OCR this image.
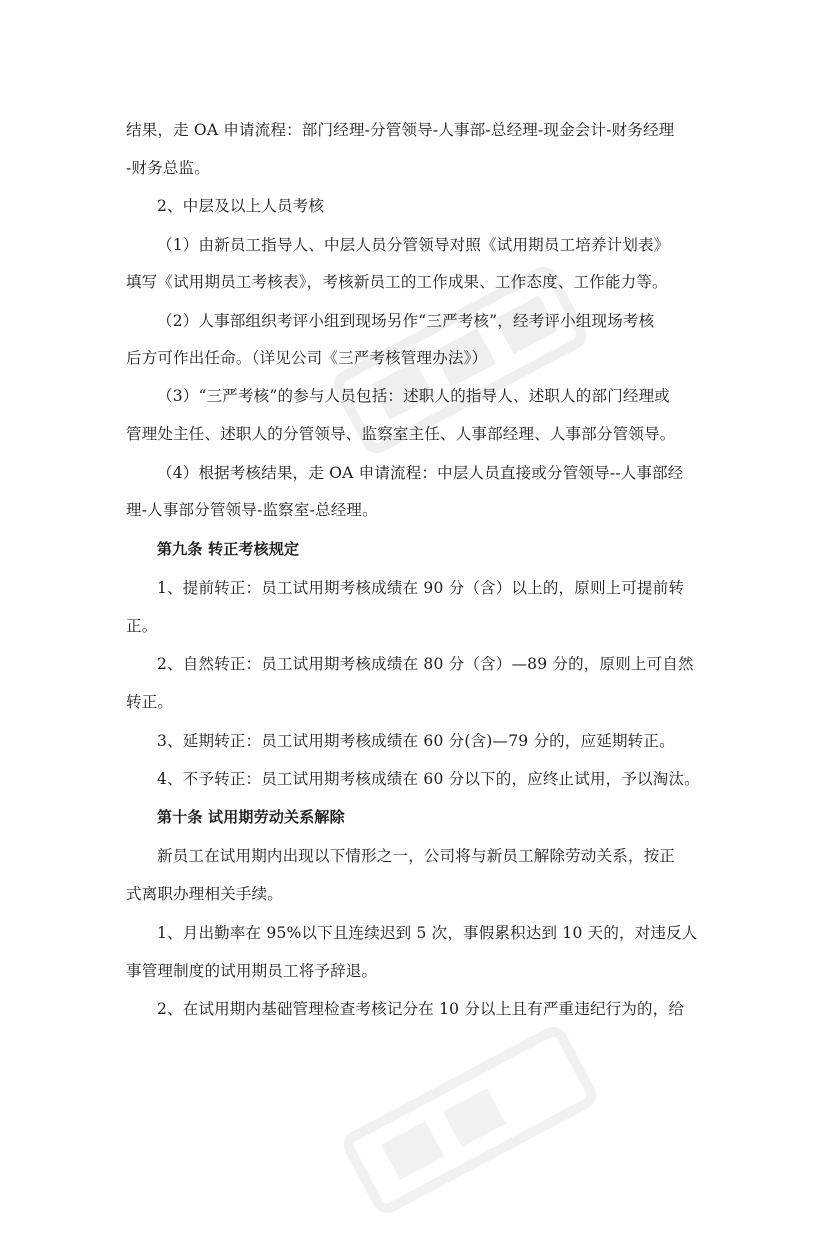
结果，走 OA 申请流程：部门经理-分管领导-人事部-总经理-现金会计-财务经理
-财务总监。
2、中层及以上人员考核
（1）由新员工指导人、中层人员分管领导对照《试用期员工培养计划表》
填写《试用期员工考核表》，考核新员工的工作成果、工作态度、工作能力等。
（2）人事部组织考评小组到现场另作“三严考核”，经考评小组现场考核
后方可作出任命。（详见公司《三严考核管理办法》）
（3）“三严考核”的参与人员包括：述职人的指导人、述职人的部门经理或
管理处主任、述职人的分管领导、监察室主任、人事部经理、人事部分管领导。
（4）根据考核结果，走 OA 申请流程：中层人员直接或分管领导--人事部经
理-人事部分管领导-监察室-总经理。
第九条 转正考核规定
1、提前转正：员工试用期考核成绩在 90 分（含）以上的，原则上可提前转
正。
2、自然转正：员工试用期考核成绩在 80 分（含）—89 分的，原则上可自然
转正。
3、延期转正：员工试用期考核成绩在 60 分(含)—79 分的，应延期转正。
4、不予转正：员工试用期考核成绩在 60 分以下的，应终止试用，予以淘汰。
第十条 试用期劳动关系解除
新员工在试用期内出现以下情形之一，公司将与新员工解除劳动关系，按正
式离职办理相关手续。
1、月出勤率在 95%以下且连续迟到 5 次，事假累积达到 10 天的，对违反人
事管理制度的试用期员工将予辞退。
2、在试用期内基础管理检查考核记分在 10 分以上且有严重违纪行为的，给
